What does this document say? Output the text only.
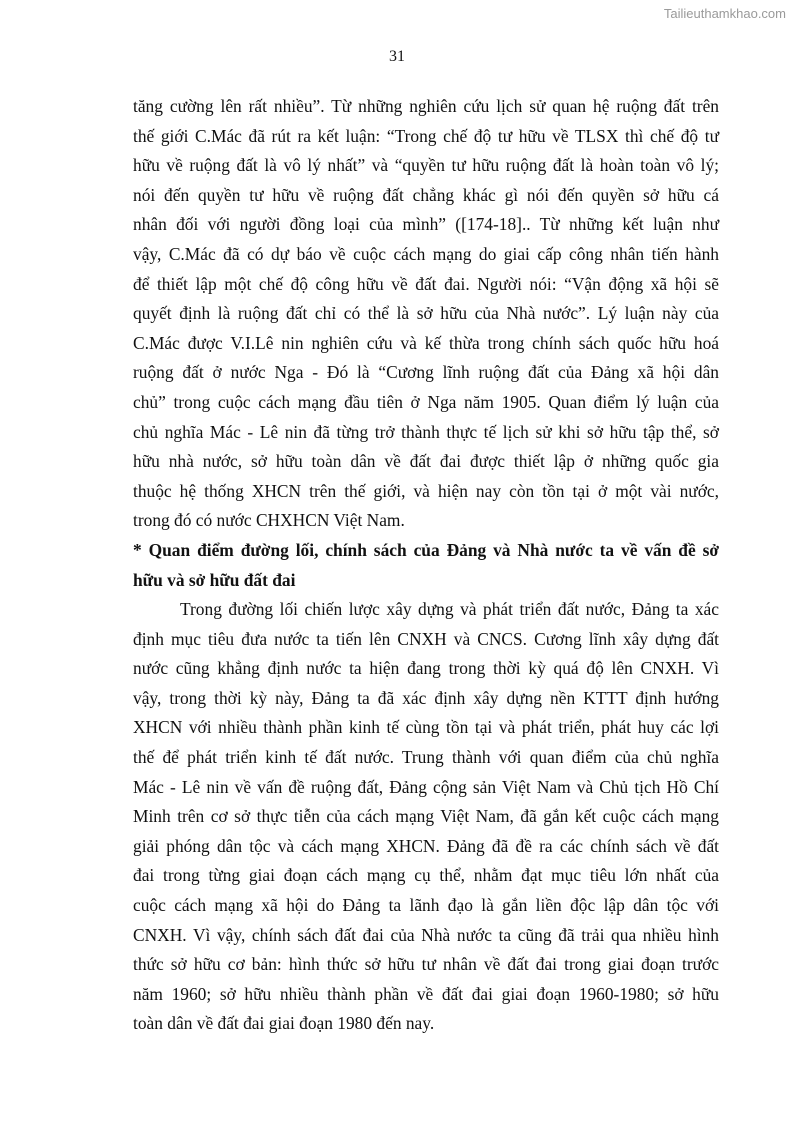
Tailieuthamkhao.com
31

tăng cường lên rất nhiều”. Từ những nghiên cứu lịch sử quan hệ ruộng đất trên
thế giới C.Mác đã rút ra kết luận: “Trong chế độ tư hữu về TLSX thì chế độ tư
hữu về ruộng đất là vô lý nhất” và “quyền tư hữu ruộng đất là hoàn toàn vô lý;
nói đến quyền tư hữu về ruộng đất chẳng khác gì nói đến quyền sở hữu cá
nhân đối với người đồng loại của mình” ([174-18].. Từ những kết luận như
vậy, C.Mác đã có dự báo về cuộc cách mạng do giai cấp công nhân tiến hành
để thiết lập một chế độ công hữu về đất đai. Người nói: “Vận động xã hội sẽ
quyết định là ruộng đất chỉ có thể là sở hữu của Nhà nước”. Lý luận này của
C.Mác được V.I.Lê nin nghiên cứu và kế thừa trong chính sách quốc hữu hoá
ruộng đất ở nước Nga - Đó là “Cương lĩnh ruộng đất của Đảng xã hội dân
chủ” trong cuộc cách mạng đầu tiên ở Nga năm 1905. Quan điểm lý luận của
chủ nghĩa Mác - Lê nin đã từng trở thành thực tế lịch sử khi sở hữu tập thể, sở
hữu nhà nước, sở hữu toàn dân về đất đai được thiết lập ở những quốc gia
thuộc hệ thống XHCN trên thế giới, và hiện nay còn tồn tại ở một vài nước,
trong đó có nước CHXHCN Việt Nam.

* Quan điểm đường lối, chính sách của Đảng và Nhà nước ta về vấn đề sở
hữu và sở hữu đất đai

Trong đường lối chiến lược xây dựng và phát triển đất nước, Đảng ta xác
định mục tiêu đưa nước ta tiến lên CNXH và CNCS. Cương lĩnh xây dựng đất
nước cũng khẳng định nước ta hiện đang trong thời kỳ quá độ lên CNXH. Vì
vậy, trong thời kỳ này, Đảng ta đã xác định xây dựng nền KTTT định hướng
XHCN với nhiều thành phần kinh tế cùng tồn tại và phát triển, phát huy các lợi
thế để phát triển kinh tế đất nước. Trung thành với quan điểm của chủ nghĩa
Mác - Lê nin về vấn đề ruộng đất, Đảng cộng sản Việt Nam và Chủ tịch Hồ Chí
Minh trên cơ sở thực tiễn của cách mạng Việt Nam, đã gắn kết cuộc cách mạng
giải phóng dân tộc và cách mạng XHCN. Đảng đã đề ra các chính sách về đất
đai trong từng giai đoạn cách mạng cụ thể, nhằm đạt mục tiêu lớn nhất của
cuộc cách mạng xã hội do Đảng ta lãnh đạo là gắn liền độc lập dân tộc với
CNXH. Vì vậy, chính sách đất đai của Nhà nước ta cũng đã trải qua nhiều hình
thức sở hữu cơ bản: hình thức sở hữu tư nhân về đất đai trong giai đoạn trước
năm 1960; sở hữu nhiều thành phần về đất đai giai đoạn 1960-1980; sở hữu
toàn dân về đất đai giai đoạn 1980 đến nay.
